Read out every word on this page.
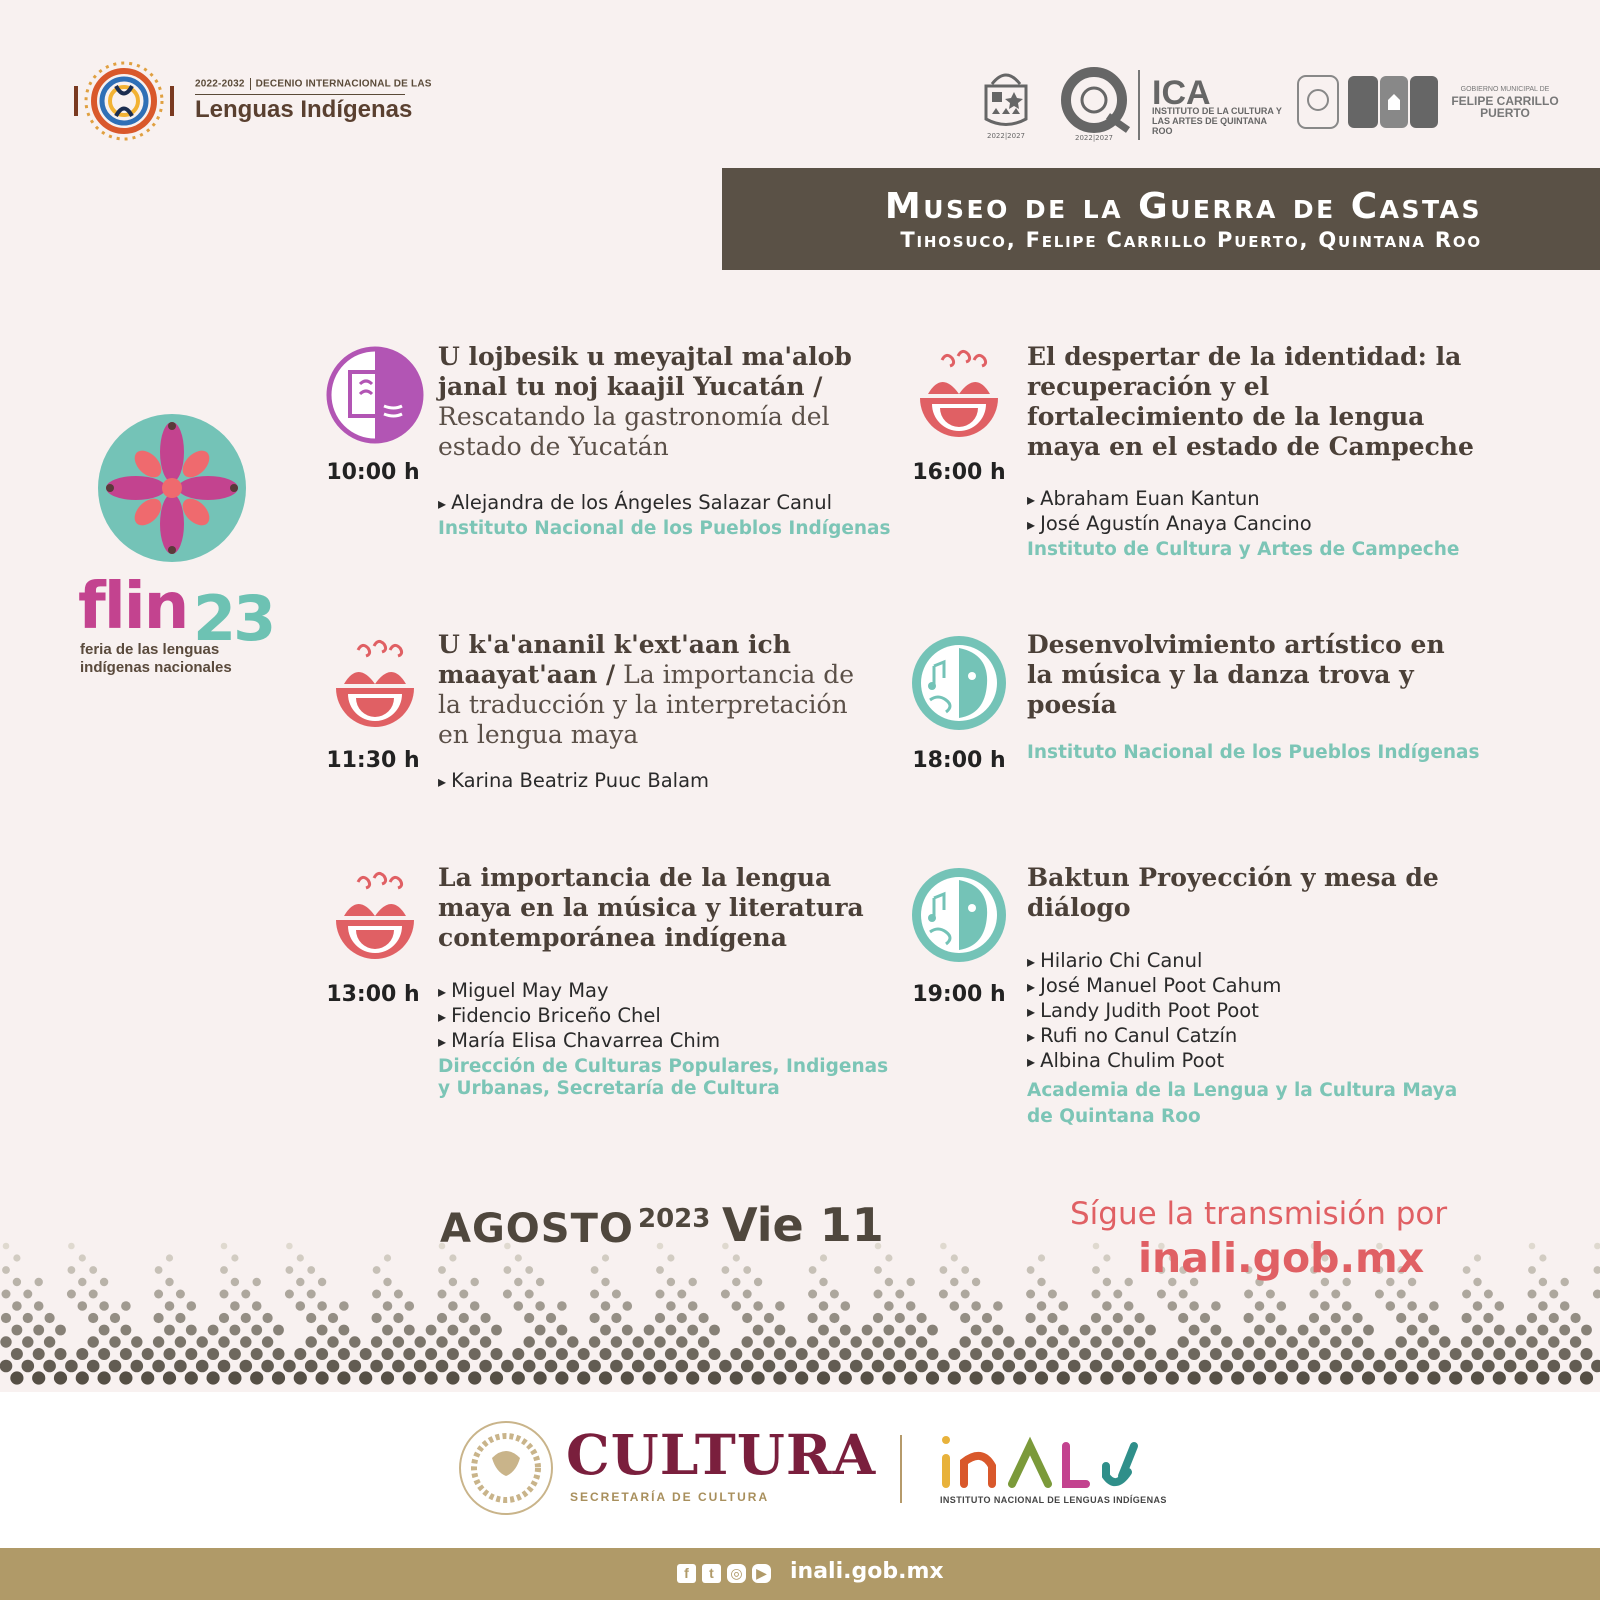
2022-2032 DECENIO INTERNACIONAL DE LAS
Lenguas Indígenas
2022|2027	2022|2027
ICA
INSTITUTO DE LA CULTURA Y LAS ARTES DE QUINTANA ROO
GOBIERNO MUNICIPAL DE
FELIPE CARRILLO PUERTO
Museo de la Guerra de Castas
Tihosuco, Felipe Carrillo Puerto, Quintana Roo
flin 23
feria de las lenguas indígenas nacionales
10:00 h
U lojbesik u meyajtal ma'alob janal tu noj kaajil Yucatán / Rescatando la gastronomía del estado de Yucatán
▸ Alejandra de los Ángeles Salazar Canul
Instituto Nacional de los Pueblos Indígenas
16:00 h
El despertar de la identidad: la recuperación y el fortalecimiento de la lengua maya en el estado de Campeche
▸ Abraham Euan Kantun
▸ José Agustín Anaya Cancino
Instituto de Cultura y Artes de Campeche
11:30 h
U k'a'ananil k'ext'aan ich maayat'aan / La importancia de la traducción y la interpretación en lengua maya
▸ Karina Beatriz Puuc Balam
18:00 h
Desenvolvimiento artístico en la música y la danza trova y poesía
Instituto Nacional de los Pueblos Indígenas
13:00 h
La importancia de la lengua maya en la música y literatura contemporánea indígena
▸ Miguel May May
▸ Fidencio Briceño Chel
▸ María Elisa Chavarrea Chim
Dirección de Culturas Populares, Indigenas y Urbanas, Secretaría de Cultura
19:00 h
Baktun Proyección y mesa de diálogo
▸ Hilario Chi Canul
▸ José Manuel Poot Cahum
▸ Landy Judith Poot Poot
▸ Rufi no Canul Catzín
▸ Albina Chulim Poot
Academia de la Lengua y la Cultura Maya de Quintana Roo
AGOSTO 2023 Vie 11	Sígue la transmisión por
inali.gob.mx
CULTURA
SECRETARÍA DE CULTURA	INSTITUTO NACIONAL DE LENGUAS INDÍGENAS
f	t	◎ ▶ inali.gob.mx
